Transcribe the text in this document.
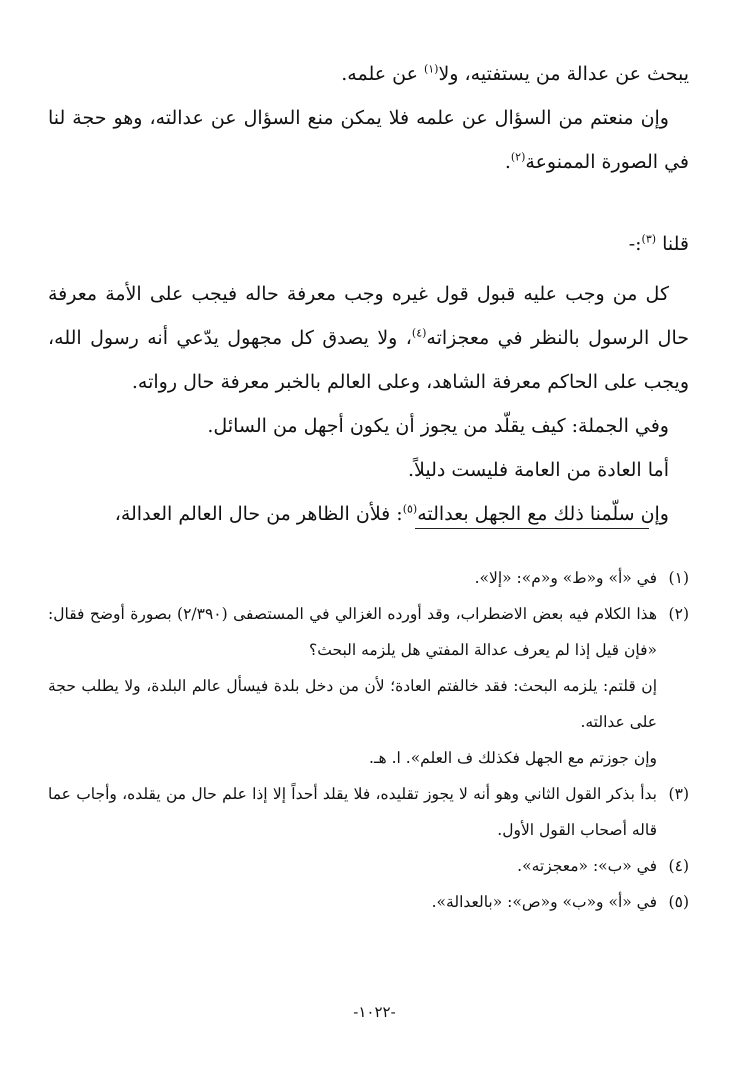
يبحث عن عدالة من يستفتيه، ولا$^{(١)}$ عن علمه.

وإن منعتم من السؤال عن علمه فلا يمكن منع السؤال عن عدالته، وهو حجة لنا في الصورة الممنوعة$^{(٢)}$.

قلنا $^{(٣)}$:-

كل من وجب عليه قبول قول غيره وجب معرفة حاله فيجب على الأمة معرفة حال الرسول بالنظر في معجزاته$^{(٤)}$، ولا يصدق كل مجهول يدّعي أنه رسول الله، ويجب على الحاكم معرفة الشاهد، وعلى العالم بالخبر معرفة حال رواته.

وفي الجملة: كيف يقلّد من يجوز أن يكون أجهل من السائل.

أما العادة من العامة فليست دليلاً.

وإن سلّمنا ذلك مع الجهل بعدالته$^{(٥)}$: فلأن الظاهر من حال العالم العدالة،

(١)

في «أ» و«ط» و«م»: «إلا».

(٢)

هذا الكلام فيه بعض الاضطراب، وقد أورده الغزالي في المستصفى (٢/٣٩٠) بصورة أوضح فقال: «فإن قيل إذا لم يعرف عدالة المفتي هل يلزمه البحث؟

إن قلتم: يلزمه البحث: فقد خالفتم العادة؛ لأن من دخل بلدة فيسأل عالم البلدة، ولا يطلب حجة على عدالته.

وإن جوزتم مع الجهل فكذلك ف العلم». ا. هـ.

(٣)

بدأ بذكر القول الثاني وهو أنه لا يجوز تقليده، فلا يقلد أحداً إلا إذا علم حال من يقلده، وأجاب عما قاله أصحاب القول الأول.

(٤)

في «ب»: «معجزته».

(٥)

في «أ» و«ب» و«ص»: «بالعدالة».

-١٠٢٢-
